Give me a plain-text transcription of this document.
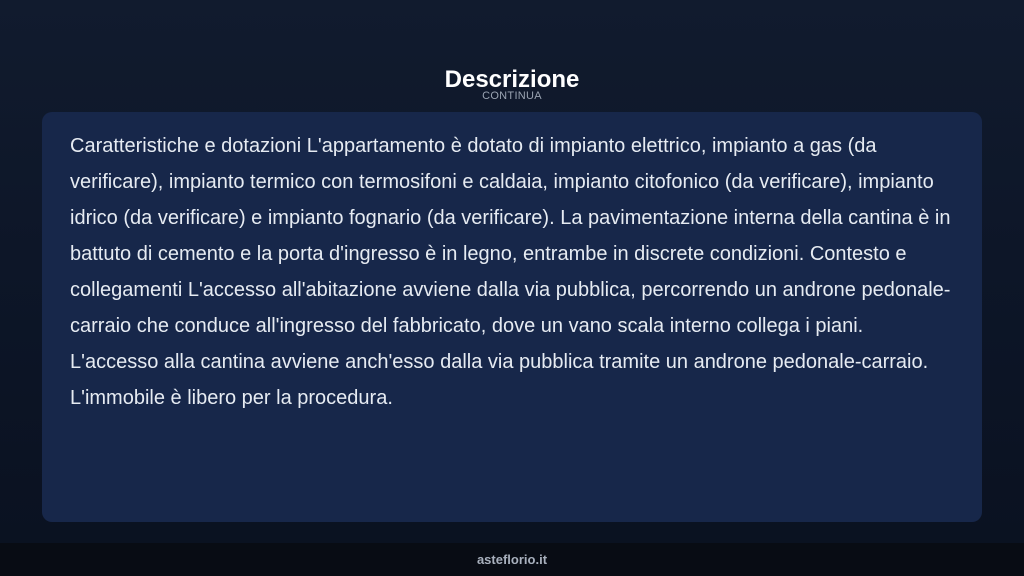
Descrizione
CONTINUA

Caratteristiche e dotazioni L'appartamento è dotato di impianto elettrico, impianto a gas (da verificare), impianto termico con termosifoni e caldaia, impianto citofonico (da verificare), impianto idrico (da verificare) e impianto fognario (da verificare). La pavimentazione interna della cantina è in battuto di cemento e la porta d'ingresso è in legno, entrambe in discrete condizioni. Contesto e collegamenti L'accesso all'abitazione avviene dalla via pubblica, percorrendo un androne pedonale-carraio che conduce all'ingresso del fabbricato, dove un vano scala interno collega i piani. L'accesso alla cantina avviene anch'esso dalla via pubblica tramite un androne pedonale-carraio. L'immobile è libero per la procedura.

asteflorio.it
